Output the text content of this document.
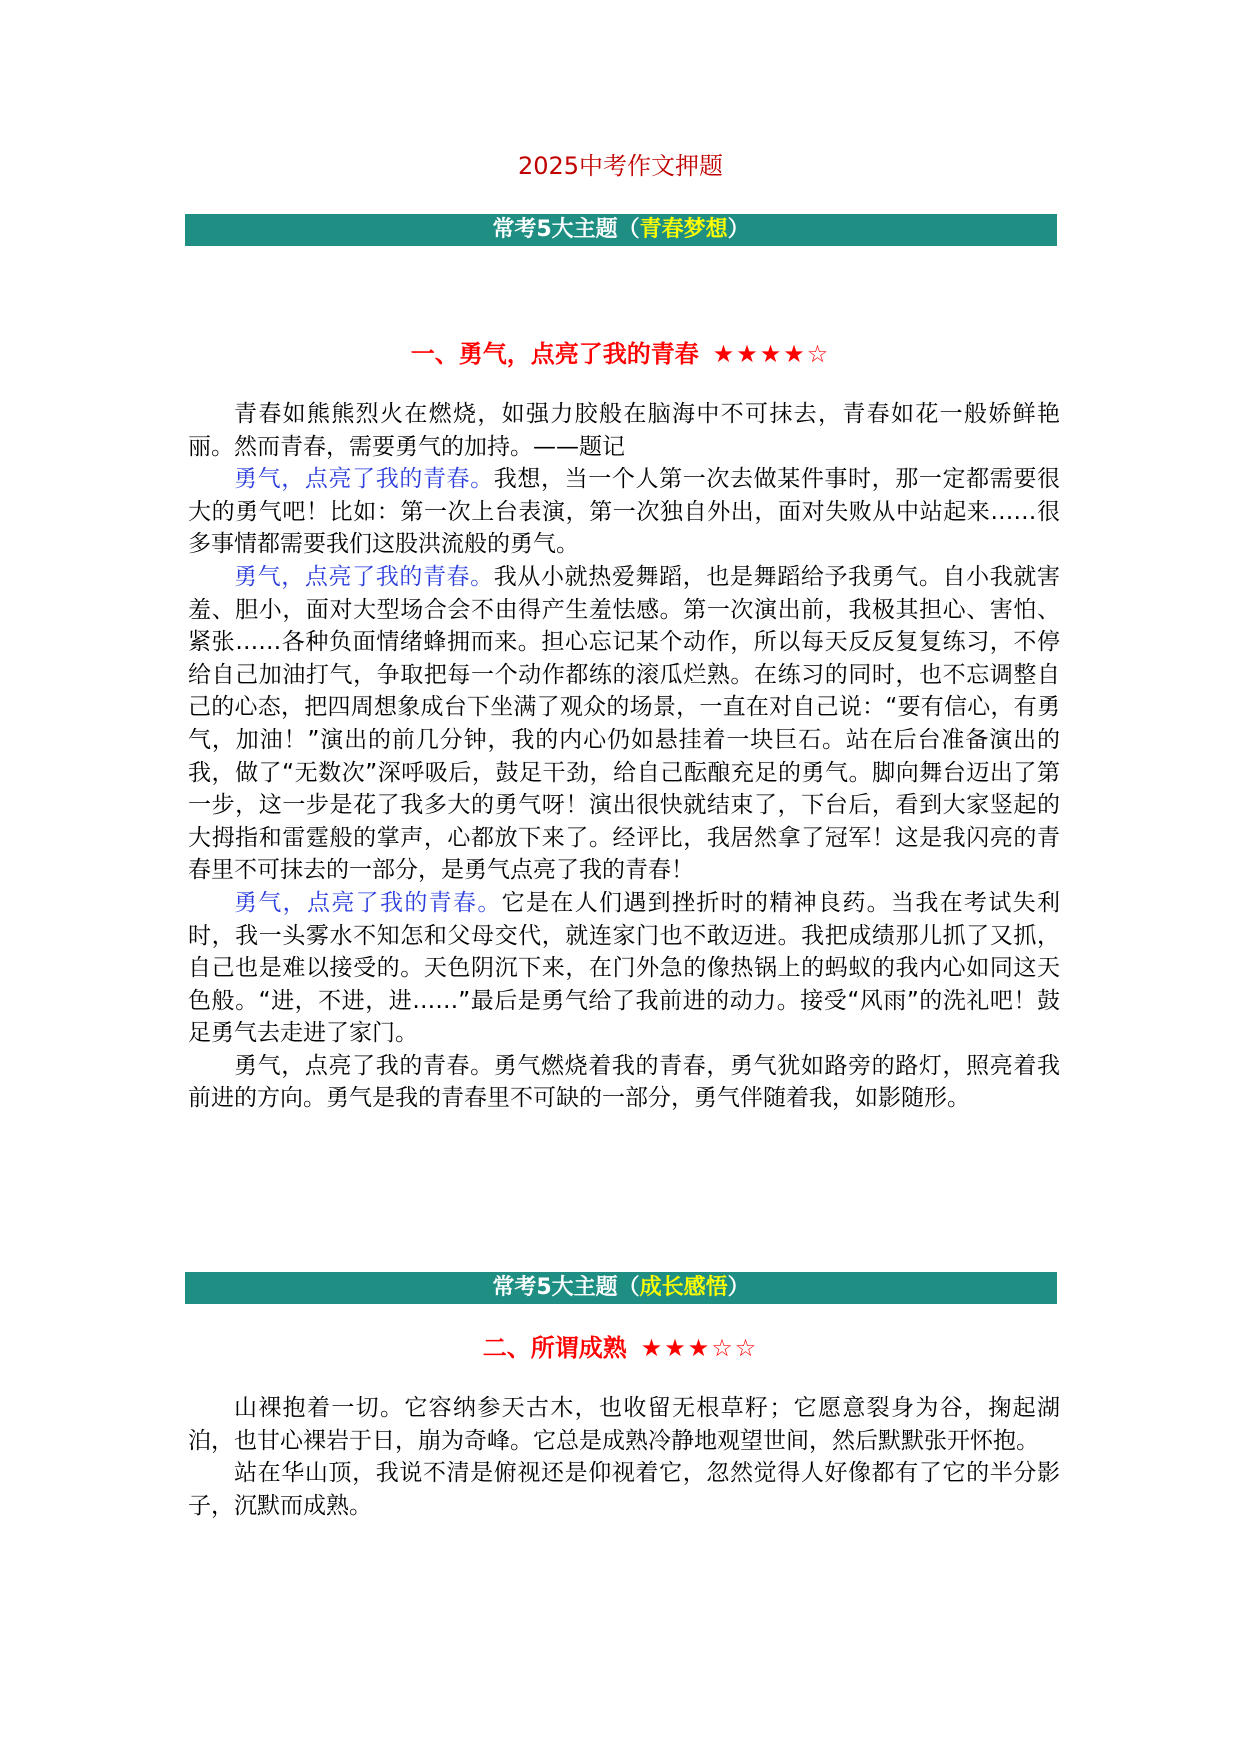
2025中考作文押题
常考5大主题（青春梦想）
一、勇气，点亮了我的青春 ★★★★☆

青春如熊熊烈火在燃烧，如强力胶般在脑海中不可抹去，青春如花一般娇鲜艳丽。然而青春，需要勇气的加持。——题记

勇气，点亮了我的青春。我想，当一个人第一次去做某件事时，那一定都需要很大的勇气吧！比如：第一次上台表演，第一次独自外出，面对失败从中站起来……很多事情都需要我们这股洪流般的勇气。

勇气，点亮了我的青春。我从小就热爱舞蹈，也是舞蹈给予我勇气。自小我就害羞、胆小，面对大型场合会不由得产生羞怯感。第一次演出前，我极其担心、害怕、紧张……各种负面情绪蜂拥而来。担心忘记某个动作，所以每天反反复复练习，不停给自己加油打气，争取把每一个动作都练的滚瓜烂熟。在练习的同时，也不忘调整自己的心态，把四周想象成台下坐满了观众的场景，一直在对自己说：“要有信心，有勇气，加油！”演出的前几分钟，我的内心仍如悬挂着一块巨石。站在后台准备演出的我，做了“无数次”深呼吸后，鼓足干劲，给自己酝酿充足的勇气。脚向舞台迈出了第一步，这一步是花了我多大的勇气呀！演出很快就结束了，下台后，看到大家竖起的大拇指和雷霆般的掌声，心都放下来了。经评比，我居然拿了冠军！这是我闪亮的青春里不可抹去的一部分，是勇气点亮了我的青春！

勇气，点亮了我的青春。它是在人们遇到挫折时的精神良药。当我在考试失利时，我一头雾水不知怎和父母交代，就连家门也不敢迈进。我把成绩那儿抓了又抓，自己也是难以接受的。天色阴沉下来，在门外急的像热锅上的蚂蚁的我内心如同这天色般。“进，不进，进……”最后是勇气给了我前进的动力。接受“风雨”的洗礼吧！鼓足勇气去走进了家门。

勇气，点亮了我的青春。勇气燃烧着我的青春，勇气犹如路旁的路灯，照亮着我前进的方向。勇气是我的青春里不可缺的一部分，勇气伴随着我，如影随形。

常考5大主题（成长感悟）
二、所谓成熟 ★★★☆☆

山裸抱着一切。它容纳参天古木，也收留无根草籽；它愿意裂身为谷，掬起湖泊，也甘心裸岩于日，崩为奇峰。它总是成熟冷静地观望世间，然后默默张开怀抱。

站在华山顶，我说不清是俯视还是仰视着它，忽然觉得人好像都有了它的半分影子，沉默而成熟。
